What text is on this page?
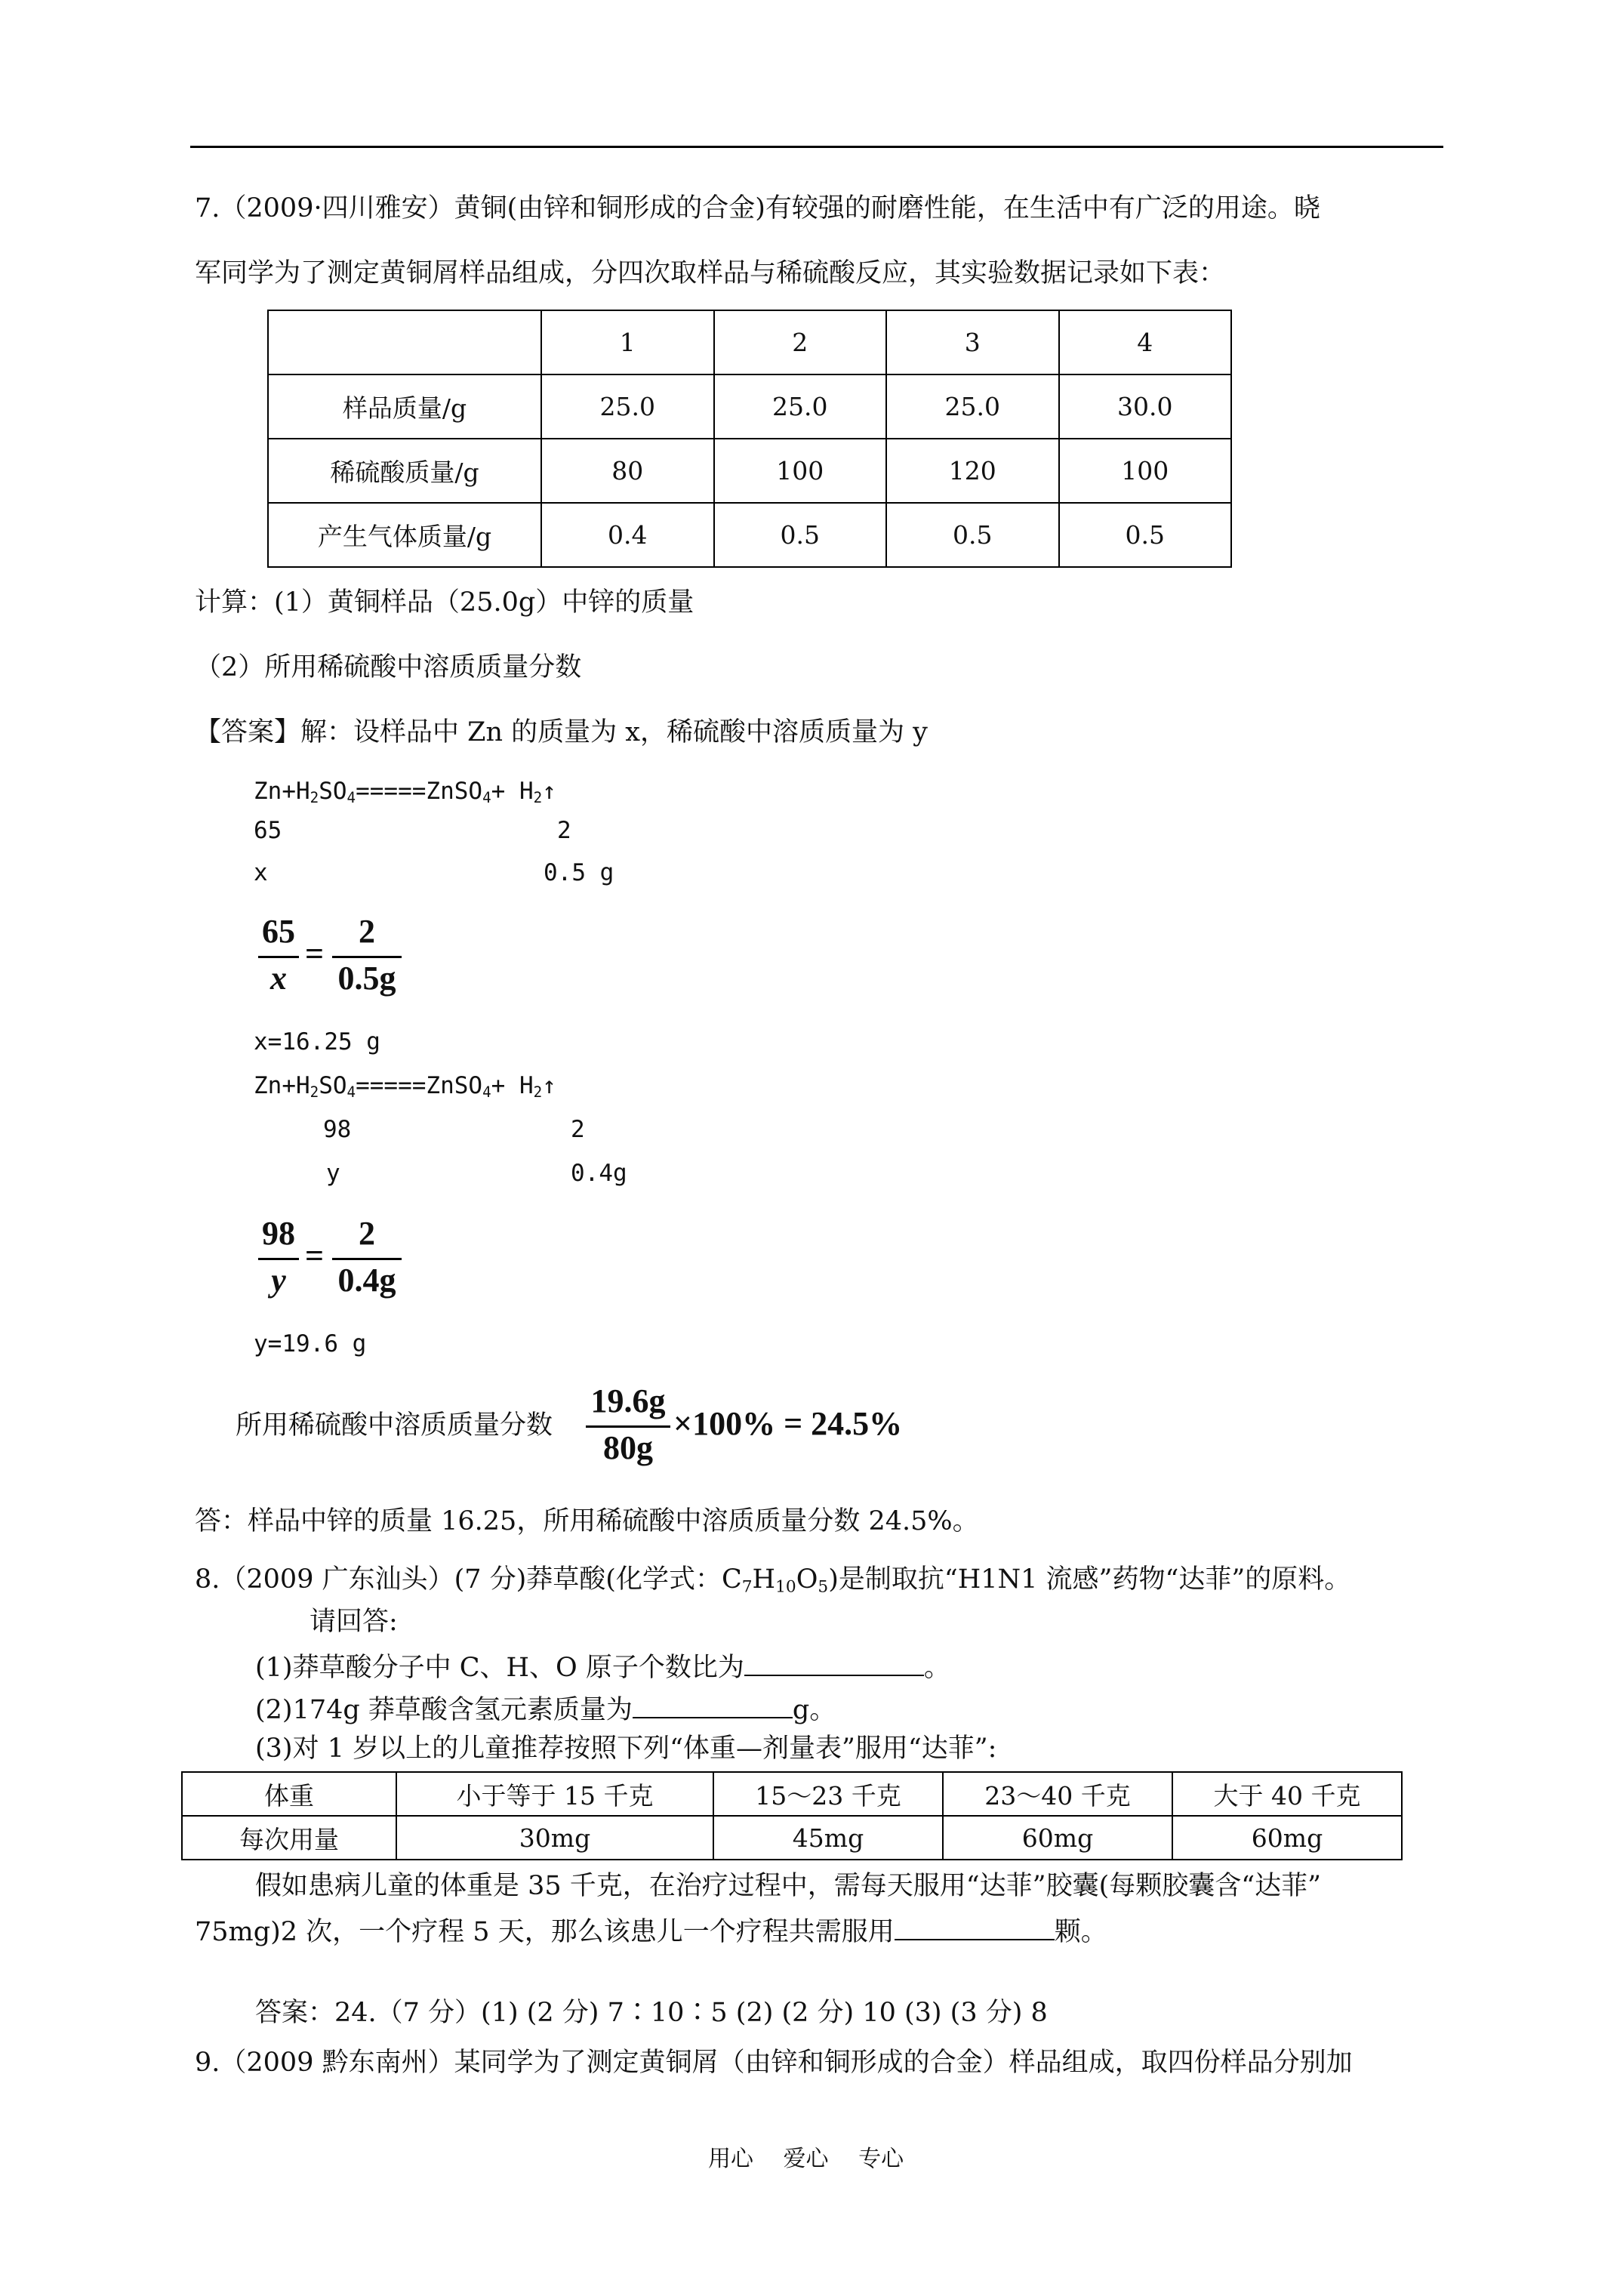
7.（2009·四川雅安）黄铜(由锌和铜形成的合金)有较强的耐磨性能，在生活中有广泛的用途。晓
军同学为了测定黄铜屑样品组成，分四次取样品与稀硫酸反应，其实验数据记录如下表：
	1	2	3	4
样品质量/g	25.0	25.0	25.0	30.0
稀硫酸质量/g	80	100	120	100
产生气体质量/g	0.4	0.5	0.5	0.5
计算：(1）黄铜样品（25.0g）中锌的质量
（2）所用稀硫酸中溶质质量分数
【答案】解：设样品中 Zn 的质量为 x，稀硫酸中溶质质量为 y
$Zn+H_2SO_4=====ZnSO_4+$ $H_2↑$
65	2
x	0.5 g
65
x
=
2
0.5g
x=16.25 g
$Zn+H_2SO_4=====ZnSO_4+$ $H_2↑$
98	2
y	0.4g
98
y
=
2
0.4g
y=19.6 g
所用稀硫酸中溶质质量分数
19.6g
80g
×100% = 24.5%
答：样品中锌的质量 16.25，所用稀硫酸中溶质质量分数 24.5%。
8.（2009 广东汕头）(7 分)莽草酸(化学式：$C_7H_{10}O_5$)是制取抗“H1N1 流感”药物“达菲”的原料。
请回答:
(1)莽草酸分子中 C、H、O 原子个数比为	。
(2)174g 莽草酸含氢元素质量为	g。
(3)对 1 岁以上的儿童推荐按照下列“体重—剂量表”服用“达菲”:
体重	小于等于 15 千克	15～23 千克	23～40 千克	大于 40 千克
每次用量	30mg	45mg	60mg	60mg
假如患病儿童的体重是 35 千克，在治疗过程中，需每天服用“达菲”胶囊(每颗胶囊含“达菲”
75mg)2 次，一个疗程 5 天，那么该患儿一个疗程共需服用	颗。
答案：24.（7 分）(1) (2 分) 7∶10∶5 (2) (2 分) 10 (3) (3 分) 8
9.（2009 黔东南州）某同学为了测定黄铜屑（由锌和铜形成的合金）样品组成，取四份样品分别加
用心　 爱心　 专心
